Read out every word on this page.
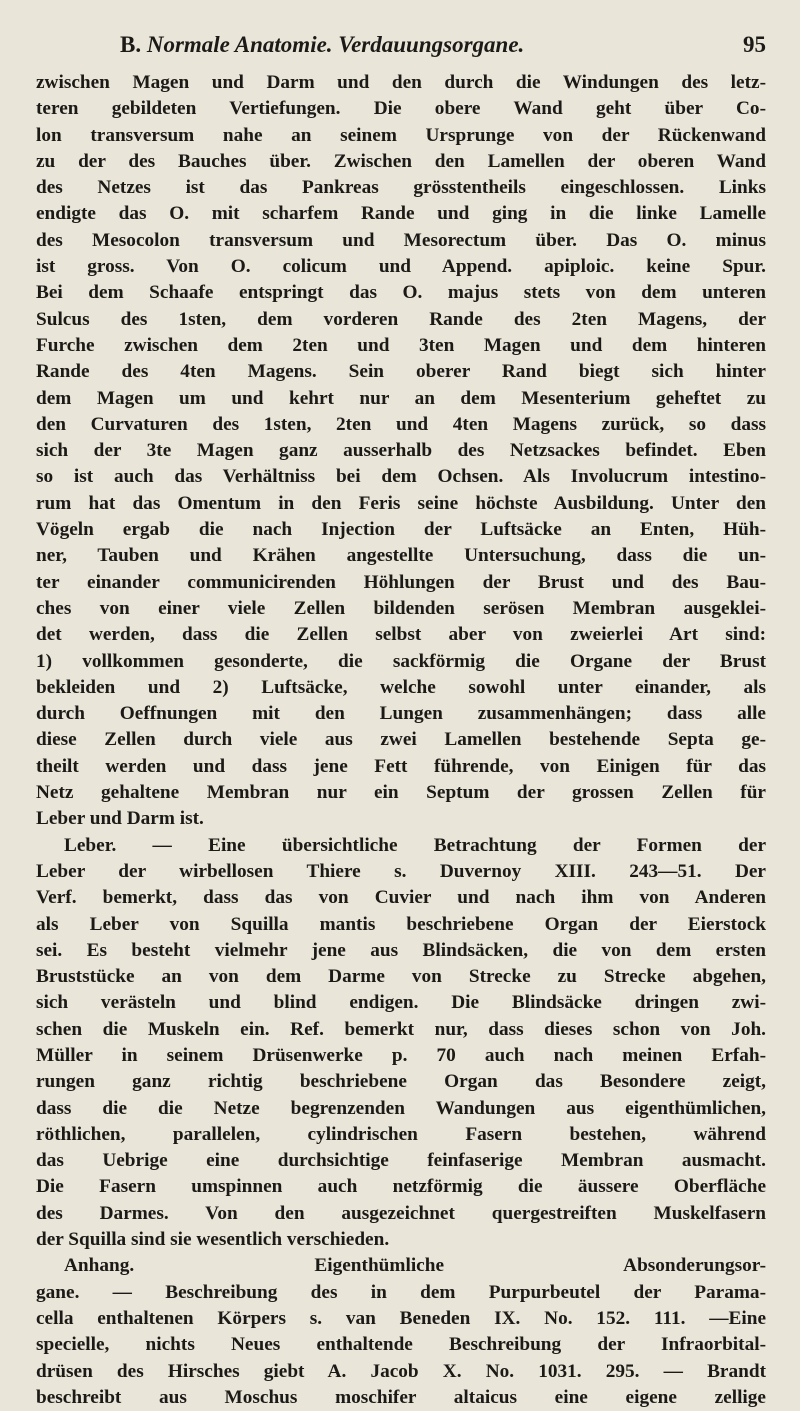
B. Normale Anatomie. Verdauungsorgane.	95
zwischen Magen und Darm und den durch die Windungen des letz-
teren gebildeten Vertiefungen. Die obere Wand geht über Co-
lon transversum nahe an seinem Ursprunge von der Rückenwand
zu der des Bauches über. Zwischen den Lamellen der oberen Wand
des Netzes ist das Pankreas grösstentheils eingeschlossen. Links
endigte das O. mit scharfem Rande und ging in die linke Lamelle
des Mesocolon transversum und Mesorectum über. Das O. minus
ist gross. Von O. colicum und Append. apiploic. keine Spur.
Bei dem Schaafe entspringt das O. majus stets von dem unteren
Sulcus des 1sten, dem vorderen Rande des 2ten Magens, der
Furche zwischen dem 2ten und 3ten Magen und dem hinteren
Rande des 4ten Magens. Sein oberer Rand biegt sich hinter
dem Magen um und kehrt nur an dem Mesenterium geheftet zu
den Curvaturen des 1sten, 2ten und 4ten Magens zurück, so dass
sich der 3te Magen ganz ausserhalb des Netzsackes befindet. Eben
so ist auch das Verhältniss bei dem Ochsen. Als Involucrum intestino-
rum hat das Omentum in den Feris seine höchste Ausbildung. Unter den
Vögeln ergab die nach Injection der Luftsäcke an Enten, Hüh-
ner, Tauben und Krähen angestellte Untersuchung, dass die un-
ter einander communicirenden Höhlungen der Brust und des Bau-
ches von einer viele Zellen bildenden serösen Membran ausgeklei-
det werden, dass die Zellen selbst aber von zweierlei Art sind:
1) vollkommen gesonderte, die sackförmig die Organe der Brust
bekleiden und 2) Luftsäcke, welche sowohl unter einander, als
durch Oeffnungen mit den Lungen zusammenhängen; dass alle
diese Zellen durch viele aus zwei Lamellen bestehende Septa ge-
theilt werden und dass jene Fett führende, von Einigen für das
Netz gehaltene Membran nur ein Septum der grossen Zellen für
Leber und Darm ist.
Leber. — Eine übersichtliche Betrachtung der Formen der
Leber der wirbellosen Thiere s. Duvernoy XIII. 243—51. Der
Verf. bemerkt, dass das von Cuvier und nach ihm von Anderen
als Leber von Squilla mantis beschriebene Organ der Eierstock
sei. Es besteht vielmehr jene aus Blindsäcken, die von dem ersten
Bruststücke an von dem Darme von Strecke zu Strecke abgehen,
sich verästeln und blind endigen. Die Blindsäcke dringen zwi-
schen die Muskeln ein. Ref. bemerkt nur, dass dieses schon von Joh.
Müller in seinem Drüsenwerke p. 70 auch nach meinen Erfah-
rungen ganz richtig beschriebene Organ das Besondere zeigt,
dass die die Netze begrenzenden Wandungen aus eigenthümlichen,
röthlichen, parallelen, cylindrischen Fasern bestehen, während
das Uebrige eine durchsichtige feinfaserige Membran ausmacht.
Die Fasern umspinnen auch netzförmig die äussere Oberfläche
des Darmes. Von den ausgezeichnet quergestreiften Muskelfasern
der Squilla sind sie wesentlich verschieden.
Anhang. Eigenthümliche Absonderungsor-
gane. — Beschreibung des in dem Purpurbeutel der Parama-
cella enthaltenen Körpers s. van Beneden IX. No. 152. 111. —Eine
specielle, nichts Neues enthaltende Beschreibung der Infraorbital-
drüsen des Hirsches giebt A. Jacob X. No. 1031. 295. — Brandt
beschreibt aus Moschus moschifer altaicus eine eigene zellige
